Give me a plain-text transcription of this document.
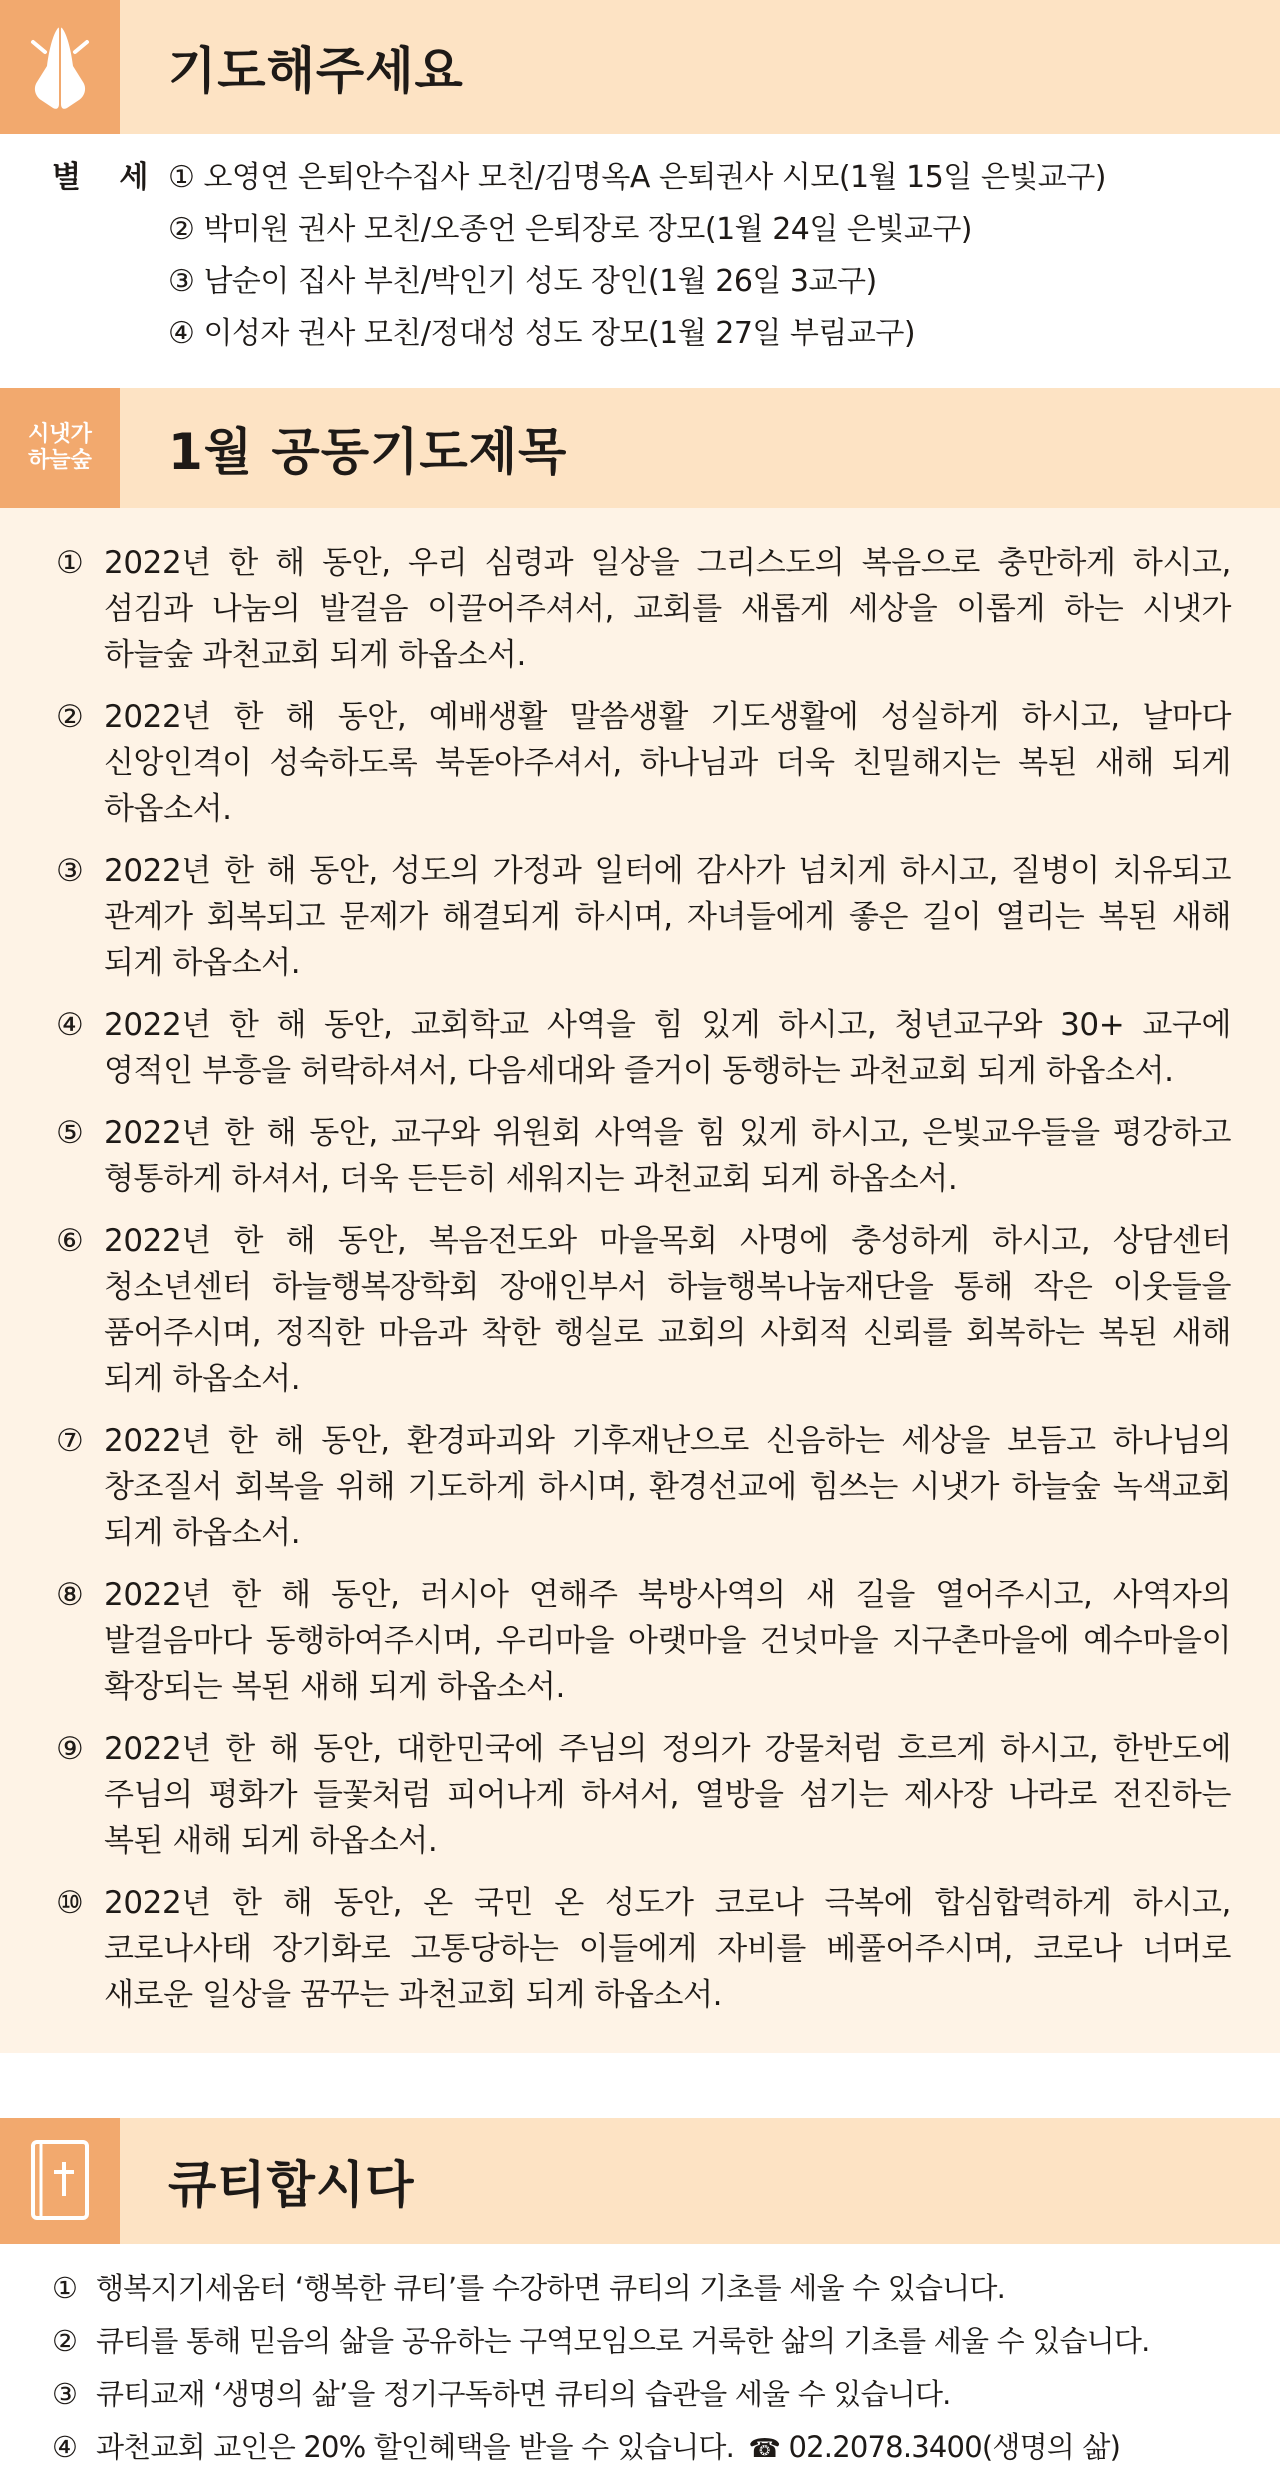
기도해주세요
별 세 ① 오영연 은퇴안수집사 모친/김명옥A 은퇴권사 시모(1월 15일 은빛교구)
② 박미원 권사 모친/오종언 은퇴장로 장모(1월 24일 은빛교구)
③ 남순이 집사 부친/박인기 성도 장인(1월 26일 3교구)
④ 이성자 권사 모친/정대성 성도 장모(1월 27일 부림교구)
시냇가
하늘숲 1월 공동기도제목
① 2022년 한 해 동안, 우리 심령과 일상을 그리스도의 복음으로 충만하게 하시고, 섬김과 나눔의 발걸음 이끌어주셔서, 교회를 새롭게 세상을 이롭게 하는 시냇가 하늘숲 과천교회 되게 하옵소서.
② 2022년 한 해 동안, 예배생활 말씀생활 기도생활에 성실하게 하시고, 날마다 신앙인격이 성숙하도록 북돋아주셔서, 하나님과 더욱 친밀해지는 복된 새해 되게 하옵소서.
③ 2022년 한 해 동안, 성도의 가정과 일터에 감사가 넘치게 하시고, 질병이 치유되고 관계가 회복되고 문제가 해결되게 하시며, 자녀들에게 좋은 길이 열리는 복된 새해 되게 하옵소서.
④ 2022년 한 해 동안, 교회학교 사역을 힘 있게 하시고, 청년교구와 30+ 교구에 영적인 부흥을 허락하셔서, 다음세대와 즐거이 동행하는 과천교회 되게 하옵소서.
⑤ 2022년 한 해 동안, 교구와 위원회 사역을 힘 있게 하시고, 은빛교우들을 평강하고 형통하게 하셔서, 더욱 든든히 세워지는 과천교회 되게 하옵소서.
⑥ 2022년 한 해 동안, 복음전도와 마을목회 사명에 충성하게 하시고, 상담센터 청소년센터 하늘행복장학회 장애인부서 하늘행복나눔재단을 통해 작은 이웃들을 품어주시며, 정직한 마음과 착한 행실로 교회의 사회적 신뢰를 회복하는 복된 새해 되게 하옵소서.
⑦ 2022년 한 해 동안, 환경파괴와 기후재난으로 신음하는 세상을 보듬고 하나님의 창조질서 회복을 위해 기도하게 하시며, 환경선교에 힘쓰는 시냇가 하늘숲 녹색교회 되게 하옵소서.
⑧ 2022년 한 해 동안, 러시아 연해주 북방사역의 새 길을 열어주시고, 사역자의 발걸음마다 동행하여주시며, 우리마을 아랫마을 건넛마을 지구촌마을에 예수마을이 확장되는 복된 새해 되게 하옵소서.
⑨ 2022년 한 해 동안, 대한민국에 주님의 정의가 강물처럼 흐르게 하시고, 한반도에 주님의 평화가 들꽃처럼 피어나게 하셔서, 열방을 섬기는 제사장 나라로 전진하는 복된 새해 되게 하옵소서.
⑩ 2022년 한 해 동안, 온 국민 온 성도가 코로나 극복에 합심합력하게 하시고, 코로나사태 장기화로 고통당하는 이들에게 자비를 베풀어주시며, 코로나 너머로 새로운 일상을 꿈꾸는 과천교회 되게 하옵소서.
큐티합시다
① 행복지기세움터 ‘행복한 큐티’를 수강하면 큐티의 기초를 세울 수 있습니다.
② 큐티를 통해 믿음의 삶을 공유하는 구역모임으로 거룩한 삶의 기초를 세울 수 있습니다.
③ 큐티교재 ‘생명의 삶’을 정기구독하면 큐티의 습관을 세울 수 있습니다.
④ 과천교회 교인은 20% 할인혜택을 받을 수 있습니다. ☎ 02.2078.3400(생명의 삶)
